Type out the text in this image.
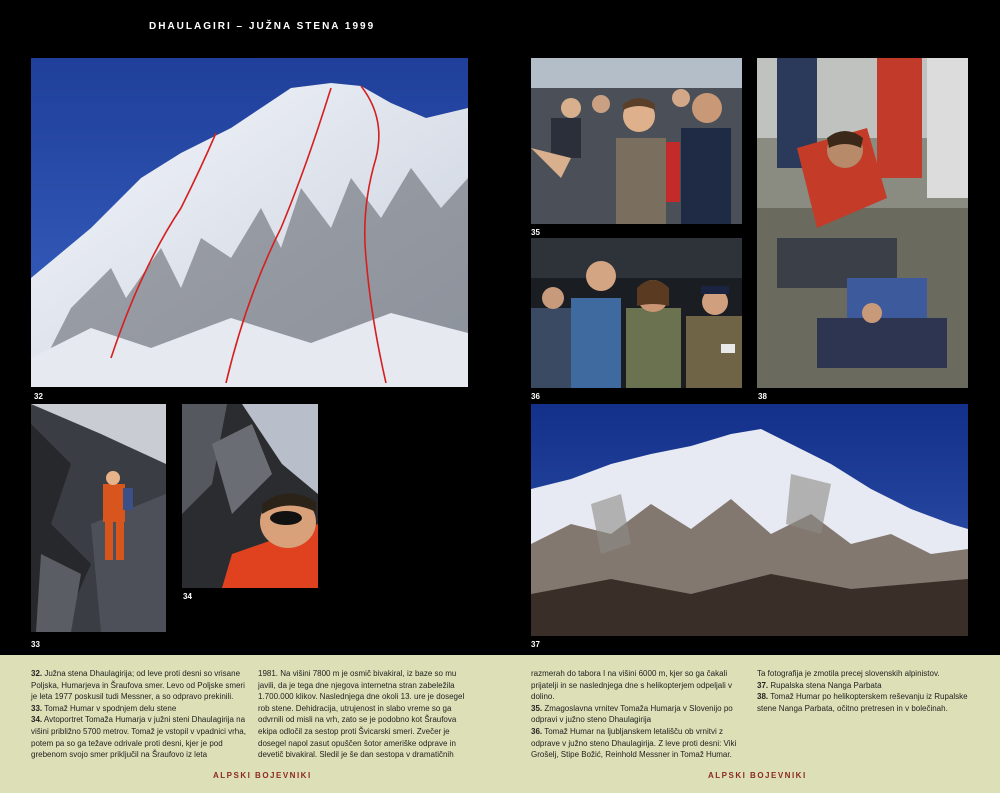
DHAULAGIRI – JUŽNA STENA 1999
32
33
34
35
36	38
37

32. Južna stena Dhaulagirija; od leve proti desni so vrisane Poljska, Humarjeva in Šraufova smer. Levo od Poljske smeri je leta 1977 poskusil tudi Messner, a so odpravo prekinili.

33. Tomaž Humar v spodnjem delu stene

34. Avtoportret Tomaža Humarja v južni steni Dhaulagirija na višini približno 5700 metrov. Tomaž je vstopil v vpadnici vrha, potem pa so ga težave odrivale proti desni, kjer je pod grebenom svojo smer priključil na Šraufovo iz leta

1981. Na višini 7800 m je osmič bivakiral, iz baze so mu javili, da je tega dne njegova internetna stran zabeležila 1.700.000 klikov. Naslednjega dne okoli 13. ure je dosegel rob stene. Dehidracija, utrujenost in slabo vreme so ga odvrnili od misli na vrh, zato se je podobno kot Šraufova ekipa odločil za sestop proti Švicarski smeri. Zvečer je dosegel napol zasut opuščen šotor ameriške odprave in devetič bivakiral. Sledil je še dan sestopa v dramatičnih

razmerah do tabora I na višini 6000 m, kjer so ga čakali prijatelji in se naslednjega dne s helikopterjem odpeljali v dolino.

35. Zmagoslavna vrnitev Tomaža Humarja v Slovenijo po odpravi v južno steno Dhaulagirija

36. Tomaž Humar na ljubljanskem letališču ob vrnitvi z odprave v južno steno Dhaulagirija. Z leve proti desni: Viki Grošelj, Stipe Božić, Reinhold Messner in Tomaž Humar.

Ta fotografija je zmotila precej slovenskih alpinistov.

37. Rupalska stena Nanga Parbata

38. Tomaž Humar po helikopterskem reševanju iz Rupalske stene Nanga Parbata, očitno pretresen in v bolečinah.

ALPSKI BOJEVNIKI	ALPSKI BOJEVNIKI
